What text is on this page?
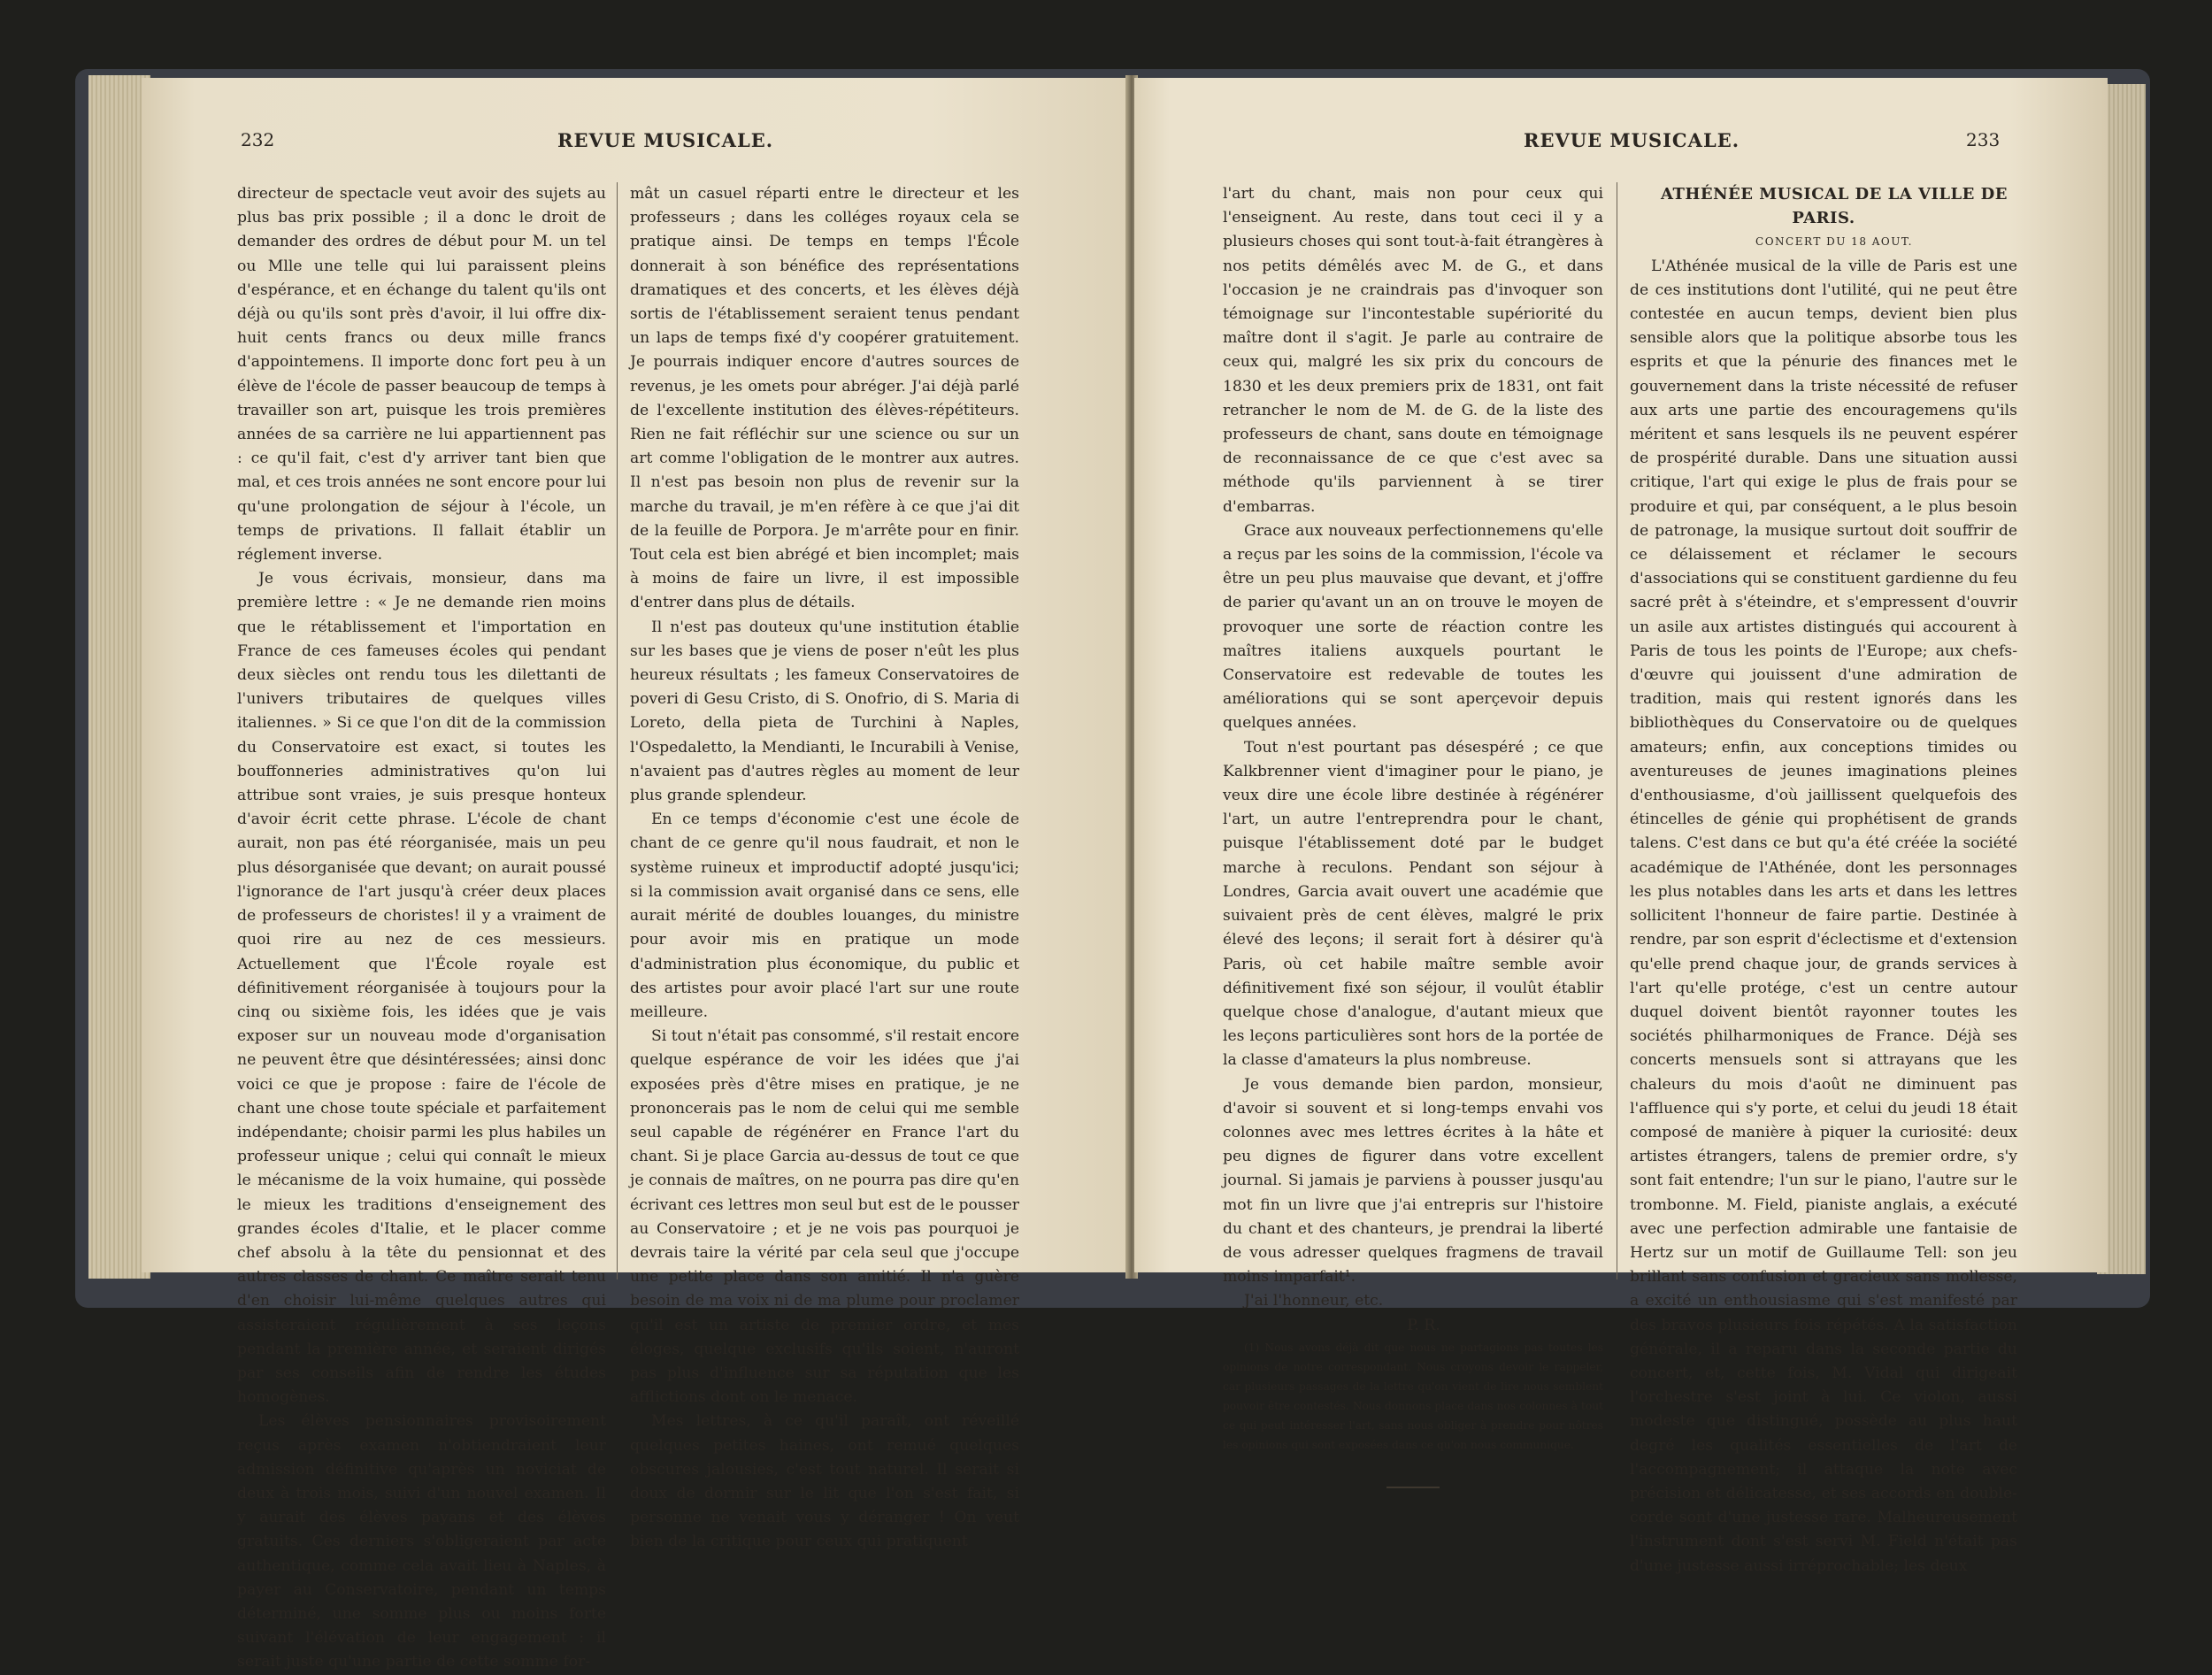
232	REVUE MUSICALE.

directeur de spectacle veut avoir des sujets au plus bas prix possible ; il a donc le droit de demander des ordres de début pour M. un tel ou Mlle une telle qui lui paraissent pleins d'espérance, et en échange du talent qu'ils ont déjà ou qu'ils sont près d'avoir, il lui offre dix-huit cents francs ou deux mille francs d'appointemens. Il importe donc fort peu à un élève de l'école de passer beaucoup de temps à travailler son art, puisque les trois premières années de sa carrière ne lui appartiennent pas : ce qu'il fait, c'est d'y arriver tant bien que mal, et ces trois années ne sont encore pour lui qu'une prolongation de séjour à l'école, un temps de privations. Il fallait établir un réglement inverse.

Je vous écrivais, monsieur, dans ma première lettre : « Je ne demande rien moins que le rétablissement et l'importation en France de ces fameuses écoles qui pendant deux siècles ont rendu tous les dilettanti de l'univers tributaires de quelques villes italiennes. » Si ce que l'on dit de la commission du Conservatoire est exact, si toutes les bouffonneries administratives qu'on lui attribue sont vraies, je suis presque honteux d'avoir écrit cette phrase. L'école de chant aurait, non pas été réorganisée, mais un peu plus désorganisée que devant; on aurait poussé l'ignorance de l'art jusqu'à créer deux places de professeurs de choristes! il y a vraiment de quoi rire au nez de ces messieurs. Actuellement que l'École royale est définitivement réorganisée à toujours pour la cinq ou sixième fois, les idées que je vais exposer sur un nouveau mode d'organisation ne peuvent être que désintéressées; ainsi donc voici ce que je propose : faire de l'école de chant une chose toute spéciale et parfaitement indépendante; choisir parmi les plus habiles un professeur unique ; celui qui connaît le mieux le mécanisme de la voix humaine, qui possède le mieux les traditions d'enseignement des grandes écoles d'Italie, et le placer comme chef absolu à la tête du pensionnat et des autres classes de chant. Ce maître serait tenu d'en choisir lui-même quelques autres qui assisteraient régulièrement à ses leçons pendant la première année, et seraient dirigés par ses conseils afin de rendre les études homogènes.

Les élèves pensionnaires provisoirement reçus après examen n'obtiendraient leur admission définitive qu'après un noviciat de deux à trois mois, suivi d'un nouvel examen. Il y aurait des élèves payans et des élèves gratuits. Ces derniers s'obligeraient par acte authentique, comme cela avait lieu à Naples, à payer au Conservatoire, pendant un temps déterminé, une somme plus ou moins forte suivant l'élévation de leur engagement : il serait juste qu'une partie de cette somme for-

mât un casuel réparti entre le directeur et les professeurs ; dans les colléges royaux cela se pratique ainsi. De temps en temps l'École donnerait à son bénéfice des représentations dramatiques et des concerts, et les élèves déjà sortis de l'établissement seraient tenus pendant un laps de temps fixé d'y coopérer gratuitement. Je pourrais indiquer encore d'autres sources de revenus, je les omets pour abréger. J'ai déjà parlé de l'excellente institution des élèves-répétiteurs. Rien ne fait réfléchir sur une science ou sur un art comme l'obligation de le montrer aux autres. Il n'est pas besoin non plus de revenir sur la marche du travail, je m'en réfère à ce que j'ai dit de la feuille de Porpora. Je m'arrête pour en finir. Tout cela est bien abrégé et bien incomplet; mais à moins de faire un livre, il est impossible d'entrer dans plus de détails.

Il n'est pas douteux qu'une institution établie sur les bases que je viens de poser n'eût les plus heureux résultats ; les fameux Conservatoires de poveri di Gesu Cristo, di S. Onofrio, di S. Maria di Loreto, della pieta de Turchini à Naples, l'Ospedaletto, la Mendianti, le Incurabili à Venise, n'avaient pas d'autres règles au moment de leur plus grande splendeur.

En ce temps d'économie c'est une école de chant de ce genre qu'il nous faudrait, et non le système ruineux et improductif adopté jusqu'ici; si la commission avait organisé dans ce sens, elle aurait mérité de doubles louanges, du ministre pour avoir mis en pratique un mode d'administration plus économique, du public et des artistes pour avoir placé l'art sur une route meilleure.

Si tout n'était pas consommé, s'il restait encore quelque espérance de voir les idées que j'ai exposées près d'être mises en pratique, je ne prononcerais pas le nom de celui qui me semble seul capable de régénérer en France l'art du chant. Si je place Garcia au-dessus de tout ce que je connais de maîtres, on ne pourra pas dire qu'en écrivant ces lettres mon seul but est de le pousser au Conservatoire ; et je ne vois pas pourquoi je devrais taire la vérité par cela seul que j'occupe une petite place dans son amitié. Il n'a guère besoin de ma voix ni de ma plume pour proclamer qu'il est un artiste de premier ordre, et mes éloges, quelque exclusifs qu'ils soient, n'auront pas plus d'influence sur sa réputation que les afflictions dont on le menace.

Mes lettres, à ce qu'il paraît, ont réveillé quelques petites haines, ont remué quelques obscures jalousies, c'est tout naturel. Il serait si doux de dormir sur le lit que l'on s'est fait, si personne ne venait vous y déranger ! On veut bien de la critique pour ceux qui pratiquent

REVUE MUSICALE.	233

l'art du chant, mais non pour ceux qui l'enseignent. Au reste, dans tout ceci il y a plusieurs choses qui sont tout-à-fait étrangères à nos petits démêlés avec M. de G., et dans l'occasion je ne craindrais pas d'invoquer son témoignage sur l'incontestable supériorité du maître dont il s'agit. Je parle au contraire de ceux qui, malgré les six prix du concours de 1830 et les deux premiers prix de 1831, ont fait retrancher le nom de M. de G. de la liste des professeurs de chant, sans doute en témoignage de reconnaissance de ce que c'est avec sa méthode qu'ils parviennent à se tirer d'embarras.

Grace aux nouveaux perfectionnemens qu'elle a reçus par les soins de la commission, l'école va être un peu plus mauvaise que devant, et j'offre de parier qu'avant un an on trouve le moyen de provoquer une sorte de réaction contre les maîtres italiens auxquels pourtant le Conservatoire est redevable de toutes les améliorations qui se sont aperçevoir depuis quelques années.

Tout n'est pourtant pas désespéré ; ce que Kalkbrenner vient d'imaginer pour le piano, je veux dire une école libre destinée à régénérer l'art, un autre l'entreprendra pour le chant, puisque l'établissement doté par le budget marche à reculons. Pendant son séjour à Londres, Garcia avait ouvert une académie que suivaient près de cent élèves, malgré le prix élevé des leçons; il serait fort à désirer qu'à Paris, où cet habile maître semble avoir définitivement fixé son séjour, il voulût établir quelque chose d'analogue, d'autant mieux que les leçons particulières sont hors de la portée de la classe d'amateurs la plus nombreuse.

Je vous demande bien pardon, monsieur, d'avoir si souvent et si long-temps envahi vos colonnes avec mes lettres écrites à la hâte et peu dignes de figurer dans votre excellent journal. Si jamais je parviens à pousser jusqu'au mot fin un livre que j'ai entrepris sur l'histoire du chant et des chanteurs, je prendrai la liberté de vous adresser quelques fragmens de travail moins imparfait¹.

J'ai l'honneur, etc.

P. R.

(1) Nous avons déjà dit que nous ne partagions pas toutes les opinions de notre correspondant. Nous croyons devoir le rappeler, car plusieurs passages de la lettre qu'on vient de lire nous semblent pouvoir être contestés. Nous donnons place dans nos colonnes à tout ce qui peut intéresser l'art, sans nous obliger à prendre pour nôtres les opinions qui sont exposées dans ce qu'on nous communique.

ATHÉNÉE MUSICAL DE LA VILLE DE PARIS.

CONCERT DU 18 AOUT.

L'Athénée musical de la ville de Paris est une de ces institutions dont l'utilité, qui ne peut être contestée en aucun temps, devient bien plus sensible alors que la politique absorbe tous les esprits et que la pénurie des finances met le gouvernement dans la triste nécessité de refuser aux arts une partie des encouragemens qu'ils méritent et sans lesquels ils ne peuvent espérer de prospérité durable. Dans une situation aussi critique, l'art qui exige le plus de frais pour se produire et qui, par conséquent, a le plus besoin de patronage, la musique surtout doit souffrir de ce délaissement et réclamer le secours d'associations qui se constituent gardienne du feu sacré prêt à s'éteindre, et s'empressent d'ouvrir un asile aux artistes distingués qui accourent à Paris de tous les points de l'Europe; aux chefs-d'œuvre qui jouissent d'une admiration de tradition, mais qui restent ignorés dans les bibliothèques du Conservatoire ou de quelques amateurs; enfin, aux conceptions timides ou aventureuses de jeunes imaginations pleines d'enthousiasme, d'où jaillissent quelquefois des étincelles de génie qui prophétisent de grands talens. C'est dans ce but qu'a été créée la société académique de l'Athénée, dont les personnages les plus notables dans les arts et dans les lettres sollicitent l'honneur de faire partie. Destinée à rendre, par son esprit d'éclectisme et d'extension qu'elle prend chaque jour, de grands services à l'art qu'elle protége, c'est un centre autour duquel doivent bientôt rayonner toutes les sociétés philharmoniques de France. Déjà ses concerts mensuels sont si attrayans que les chaleurs du mois d'août ne diminuent pas l'affluence qui s'y porte, et celui du jeudi 18 était composé de manière à piquer la curiosité: deux artistes étrangers, talens de premier ordre, s'y sont fait entendre; l'un sur le piano, l'autre sur le trombonne. M. Field, pianiste anglais, a exécuté avec une perfection admirable une fantaisie de Hertz sur un motif de Guillaume Tell: son jeu brillant sans confusion et gracieux sans mollesse, a excité un enthousiasme qui s'est manifesté par des bravos plusieurs fois répétés. A la satisfaction générale, il a reparu dans la seconde partie du concert, et, cette fois, M. Vidal qui dirigeait l'orchestre s'est joint à lui. Ce violon, aussi modeste que distingué, possède au plus haut degré les qualités essentielles de l'art de l'accompagnement; il attaque la note avec précision et délicatesse, et ses accords en double-corde sont d'une justesse rare. Malheureusement l'instrument dont s'est servi M. Field n'était pas d'une justesse aussi irréprochable; les deux
